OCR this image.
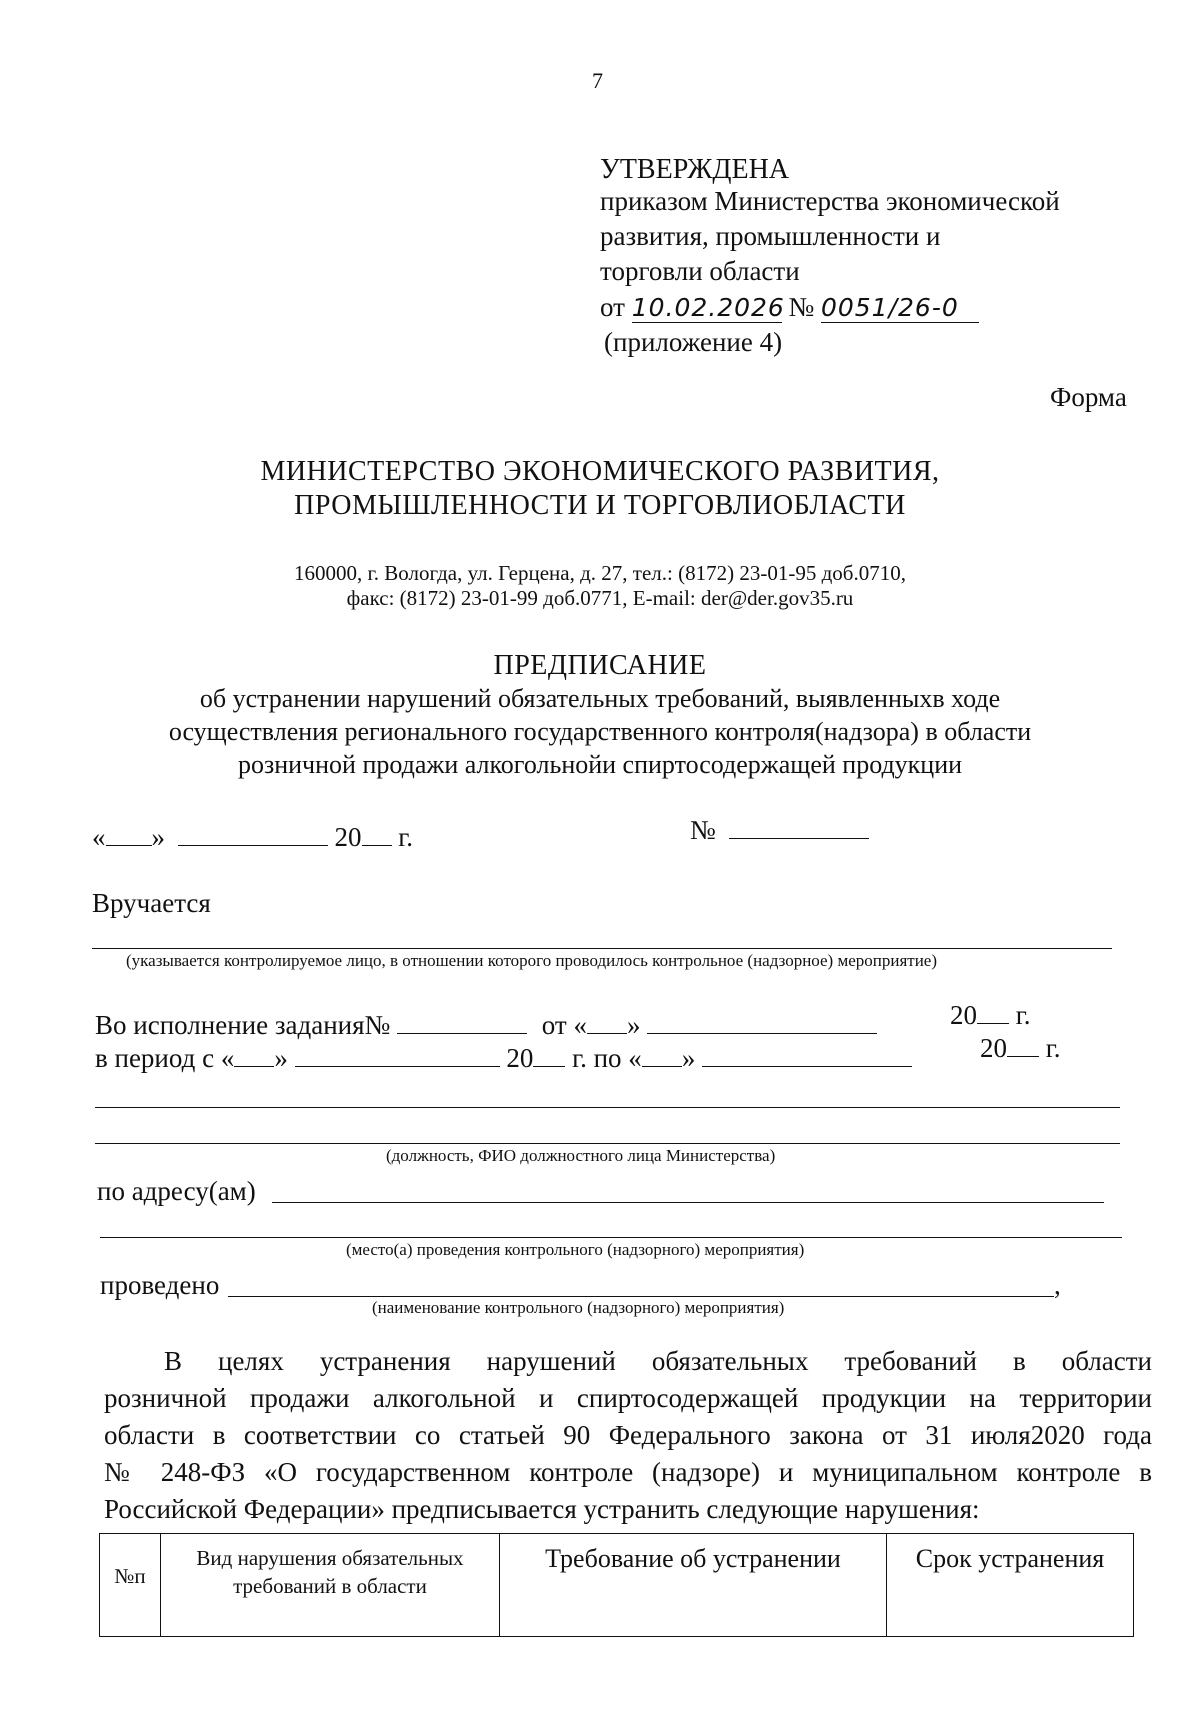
7
УТВЕРЖДЕНА
приказом Министерства экономической
развития, промышленности и
торговли области
от 10.02.2026 № 0051/26-0
(приложение 4)
Форма
МИНИСТЕРСТВО ЭКОНОМИЧЕСКОГО РАЗВИТИЯ,
ПРОМЫШЛЕННОСТИ И ТОРГОВЛИОБЛАСТИ
160000, г. Вологда, ул. Герцена, д. 27, тел.: (8172) 23-01-95 доб.0710,
факс: (8172) 23-01-99 доб.0771, E-mail: der@der.gov35.ru
ПРЕДПИСАНИЕ
об устранении нарушений обязательных требований, выявленныхв ходе
осуществления регионального государственного контроля(надзора) в области
розничной продажи алкогольнойи спиртосодержащей продукции
« »	20 г.	№
Вручается
(указывается контролируемое лицо, в отношении которого проводилось контрольное (надзорное) мероприятие)
Во исполнение задания№	от « »	20 г.
в период с « »	20 г. по « »	20 г.
(должность, ФИО должностного лица Министерства)
по адресу(ам)
(место(а) проведения контрольного (надзорного) мероприятия)
проведено	,
(наименование контрольного (надзорного) мероприятия)
В целях устранения нарушений обязательных требований в области
розничной продажи алкогольной и спиртосодержащей продукции на территории
области в соответствии со статьей 90 Федерального закона от 31 июля2020 года
№ 248-ФЗ «О государственном контроле (надзоре) и муниципальном контроле в
Российской Федерации» предписывается устранить следующие нарушения:
№п	Вид нарушения обязательных требований в области	Требование об устранении	Срок устранения
